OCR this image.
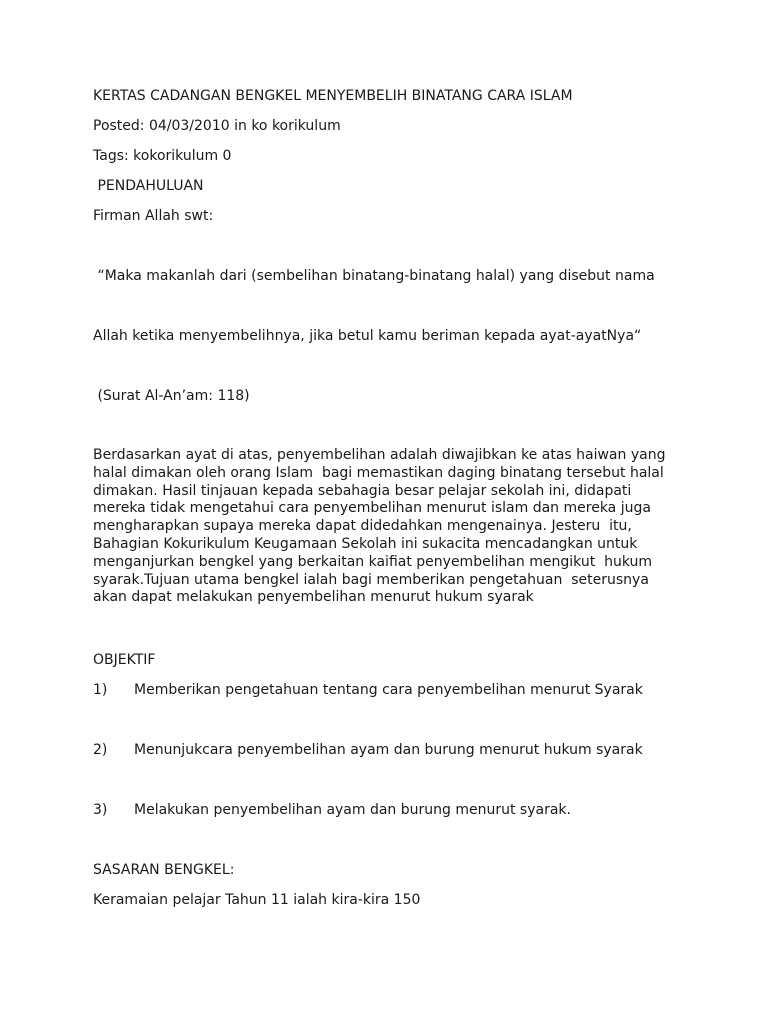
KERTAS CADANGAN BENGKEL MENYEMBELIH BINATANG CARA ISLAM
Posted: 04/03/2010 in ko korikulum
Tags: kokorikulum 0
PENDAHULUAN
Firman Allah swt:
“Maka makanlah dari (sembelihan binatang-binatang halal) yang disebut nama
Allah ketika menyembelihnya, jika betul kamu beriman kepada ayat-ayatNya“
(Surat Al-An’am: 118)
Berdasarkan ayat di atas, penyembelihan adalah diwajibkan ke atas haiwan yang
halal dimakan oleh orang Islam  bagi memastikan daging binatang tersebut halal
dimakan. Hasil tinjauan kepada sebahagia besar pelajar sekolah ini, didapati
mereka tidak mengetahui cara penyembelihan menurut islam dan mereka juga
mengharapkan supaya mereka dapat didedahkan mengenainya. Jesteru  itu,
Bahagian Kokurikulum Keugamaan Sekolah ini sukacita mencadangkan untuk
menganjurkan bengkel yang berkaitan kaifiat penyembelihan mengikut  hukum
syarak.Tujuan utama bengkel ialah bagi memberikan pengetahuan  seterusnya
akan dapat melakukan penyembelihan menurut hukum syarak
OBJEKTIF
1) Memberikan pengetahuan tentang cara penyembelihan menurut Syarak
2) Menunjukcara penyembelihan ayam dan burung menurut hukum syarak
3) Melakukan penyembelihan ayam dan burung menurut syarak.
SASARAN BENGKEL:
Keramaian pelajar Tahun 11 ialah kira-kira 150
